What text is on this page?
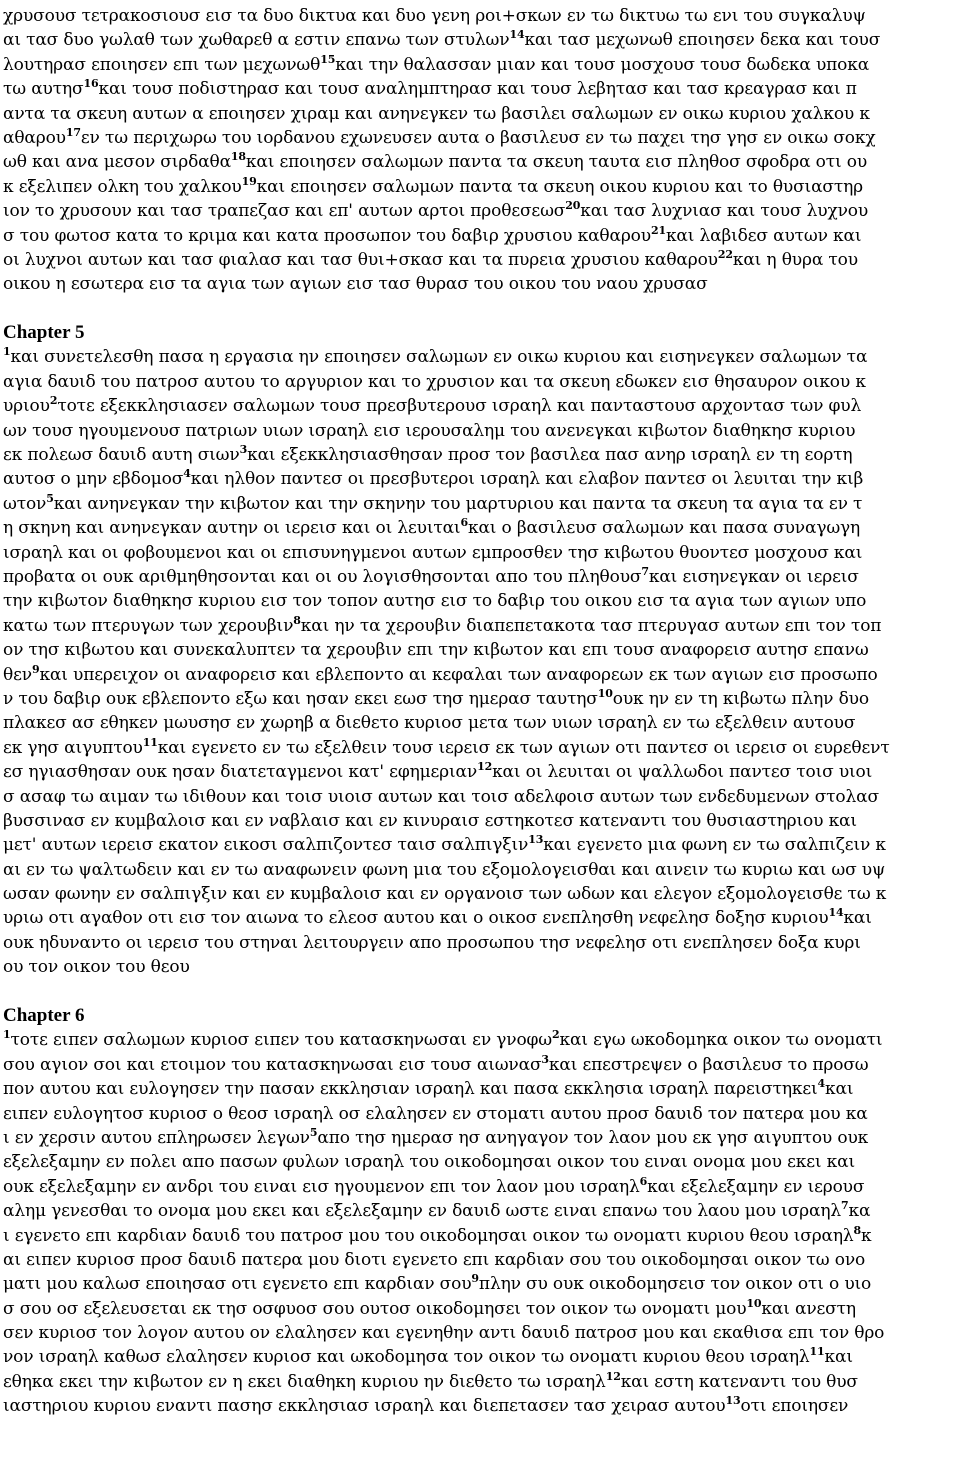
χρυσουσ τετρακοσιουσ εισ τα δυο δικτυα και δυο γενη ροι+σκων εν τω δικτυω τω ενι του συγκαλυψ
αι τασ δυο γωλαθ των χωθαρεθ α εστιν επανω των στυλων$^{14}$και τασ μεχωνωθ εποιησεν δεκα και τουσ
λουτηρασ εποιησεν επι των μεχωνωθ$^{15}$και την θαλασσαν μιαν και τουσ μοσχουσ τουσ δωδεκα υποκα
τω αυτησ$^{16}$και τουσ ποδιστηρασ και τουσ αναλημπτηρασ και τουσ λεβητασ και τασ κρεαγρασ και π
αντα τα σκευη αυτων α εποιησεν χιραμ και ανηνεγκεν τω βασιλει σαλωμων εν οικω κυριου χαλκου κ
αθαρου$^{17}$εν τω περιχωρω του ιορδανου εχωνευσεν αυτα ο βασιλευσ εν τω παχει τησ γησ εν οικω σοκχ
ωθ και ανα μεσον σιρδαθα$^{18}$και εποιησεν σαλωμων παντα τα σκευη ταυτα εισ πληθοσ σφοδρα οτι ου
κ εξελιπεν ολκη του χαλκου$^{19}$και εποιησεν σαλωμων παντα τα σκευη οικου κυριου και το θυσιαστηρ
ιον το χρυσουν και τασ τραπεζασ και επ' αυτων αρτοι προθεσεωσ$^{20}$και τασ λυχνιασ και τουσ λυχνου
σ του φωτοσ κατα το κριμα και κατα προσωπον του δαβιρ χρυσιου καθαρου$^{21}$και λαβιδεσ αυτων και
οι λυχνοι αυτων και τασ φιαλασ και τασ θυι+σκασ και τα πυρεια χρυσιου καθαρου$^{22}$και η θυρα του
οικου η εσωτερα εισ τα αγια των αγιων εισ τασ θυρασ του οικου του ναου χρυσασ
Chapter 5
$^1$και συνετελεσθη πασα η εργασια ην εποιησεν σαλωμων εν οικω κυριου και εισηνεγκεν σαλωμων τα
αγια δαυιδ του πατροσ αυτου το αργυριον και το χρυσιον και τα σκευη εδωκεν εισ θησαυρον οικου κ
υριου$^2$τοτε εξεκκλησιασεν σαλωμων τουσ πρεσβυτερουσ ισραηλ και πανταστουσ αρχοντασ των φυλ
ων τουσ ηγουμενουσ πατριων υιων ισραηλ εισ ιερουσαλημ του ανενεγκαι κιβωτον διαθηκησ κυριου
εκ πολεωσ δαυιδ αυτη σιων$^3$και εξεκκλησιασθησαν προσ τον βασιλεα πασ ανηρ ισραηλ εν τη εορτη
αυτοσ ο μην εβδομοσ$^4$και ηλθον παντεσ οι πρεσβυτεροι ισραηλ και ελαβον παντεσ οι λευιται την κιβ
ωτον$^5$και ανηνεγκαν την κιβωτον και την σκηνην του μαρτυριου και παντα τα σκευη τα αγια τα εν τ
η σκηνη και ανηνεγκαν αυτην οι ιερεισ και οι λευιται$^6$και ο βασιλευσ σαλωμων και πασα συναγωγη
ισραηλ και οι φοβουμενοι και οι επισυνηγμενοι αυτων εμπροσθεν τησ κιβωτου θυοντεσ μοσχουσ και
προβατα οι ουκ αριθμηθησονται και οι ου λογισθησονται απο του πληθουσ$^7$και εισηνεγκαν οι ιερεισ
την κιβωτον διαθηκησ κυριου εισ τον τοπον αυτησ εισ το δαβιρ του οικου εισ τα αγια των αγιων υπο
κατω των πτερυγων των χερουβιν$^8$και ην τα χερουβιν διαπεπετακοτα τασ πτερυγασ αυτων επι τον τοπ
ον τησ κιβωτου και συνεκαλυπτεν τα χερουβιν επι την κιβωτον και επι τουσ αναφορεισ αυτησ επανω
θεν$^9$και υπερειχον οι αναφορεισ και εβλεποντο αι κεφαλαι των αναφορεων εκ των αγιων εισ προσωπο
ν του δαβιρ ουκ εβλεποντο εξω και ησαν εκει εωσ τησ ημερασ ταυτησ$^{10}$ουκ ην εν τη κιβωτω πλην δυο
πλακεσ ασ εθηκεν μωυσησ εν χωρηβ α διεθετο κυριοσ μετα των υιων ισραηλ εν τω εξελθειν αυτουσ
εκ γησ αιγυπτου$^{11}$και εγενετο εν τω εξελθειν τουσ ιερεισ εκ των αγιων οτι παντεσ οι ιερεισ οι ευρεθεντ
εσ ηγιασθησαν ουκ ησαν διατεταγμενοι κατ' εφημεριαν$^{12}$και οι λευιται οι ψαλλωδοι παντεσ τοισ υιοι
σ ασαφ τω αιμαν τω ιδιθουν και τοισ υιοισ αυτων και τοισ αδελφοισ αυτων των ενδεδυμενων στολασ
βυσσινασ εν κυμβαλοισ και εν ναβλαισ και εν κινυραισ εστηκοτεσ κατεναντι του θυσιαστηριου και
μετ' αυτων ιερεισ εκατον εικοσι σαλπιζοντεσ ταισ σαλπιγξιν$^{13}$και εγενετο μια φωνη εν τω σαλπιζειν κ
αι εν τω ψαλτωδειν και εν τω αναφωνειν φωνη μια του εξομολογεισθαι και αινειν τω κυριω και ωσ υψ
ωσαν φωνην εν σαλπιγξιν και εν κυμβαλοισ και εν οργανοισ των ωδων και ελεγον εξομολογεισθε τω κ
υριω οτι αγαθον οτι εισ τον αιωνα το ελεοσ αυτου και ο οικοσ ενεπλησθη νεφελησ δοξησ κυριου$^{14}$και
ουκ ηδυναντο οι ιερεισ του στηναι λειτουργειν απο προσωπου τησ νεφελησ οτι ενεπλησεν δοξα κυρι
ου τον οικον του θεου
Chapter 6
$^1$τοτε ειπεν σαλωμων κυριοσ ειπεν του κατασκηνωσαι εν γνοφω$^2$και εγω ωκοδομηκα οικον τω ονοματι
σου αγιον σοι και ετοιμον του κατασκηνωσαι εισ τουσ αιωνασ$^3$και επεστρεψεν ο βασιλευσ το προσω
πον αυτου και ευλογησεν την πασαν εκκλησιαν ισραηλ και πασα εκκλησια ισραηλ παρειστηκει$^4$και
ειπεν ευλογητοσ κυριοσ ο θεοσ ισραηλ οσ ελαλησεν εν στοματι αυτου προσ δαυιδ τον πατερα μου κα
ι εν χερσιν αυτου επληρωσεν λεγων$^5$απο τησ ημερασ ησ ανηγαγον τον λαον μου εκ γησ αιγυπτου ουκ
εξελεξαμην εν πολει απο πασων φυλων ισραηλ του οικοδομησαι οικον του ειναι ονομα μου εκει και
ουκ εξελεξαμην εν ανδρι του ειναι εισ ηγουμενον επι τον λαον μου ισραηλ$^6$και εξελεξαμην εν ιερουσ
αλημ γενεσθαι το ονομα μου εκει και εξελεξαμην εν δαυιδ ωστε ειναι επανω του λαου μου ισραηλ$^7$κα
ι εγενετο επι καρδιαν δαυιδ του πατροσ μου του οικοδομησαι οικον τω ονοματι κυριου θεου ισραηλ$^8$κ
αι ειπεν κυριοσ προσ δαυιδ πατερα μου διοτι εγενετο επι καρδιαν σου του οικοδομησαι οικον τω ονο
ματι μου καλωσ εποιησασ οτι εγενετο επι καρδιαν σου$^9$πλην συ ουκ οικοδομησεισ τον οικον οτι ο υιο
σ σου οσ εξελευσεται εκ τησ οσφυοσ σου ουτοσ οικοδομησει τον οικον τω ονοματι μου$^{10}$και ανεστη
σεν κυριοσ τον λογον αυτου ον ελαλησεν και εγενηθην αντι δαυιδ πατροσ μου και εκαθισα επι τον θρο
νον ισραηλ καθωσ ελαλησεν κυριοσ και ωκοδομησα τον οικον τω ονοματι κυριου θεου ισραηλ$^{11}$και
εθηκα εκει την κιβωτον εν η εκει διαθηκη κυριου ην διεθετο τω ισραηλ$^{12}$και εστη κατεναντι του θυσ
ιαστηριου κυριου εναντι πασησ εκκλησιασ ισραηλ και διεπετασεν τασ χειρασ αυτου$^{13}$οτι εποιησεν
